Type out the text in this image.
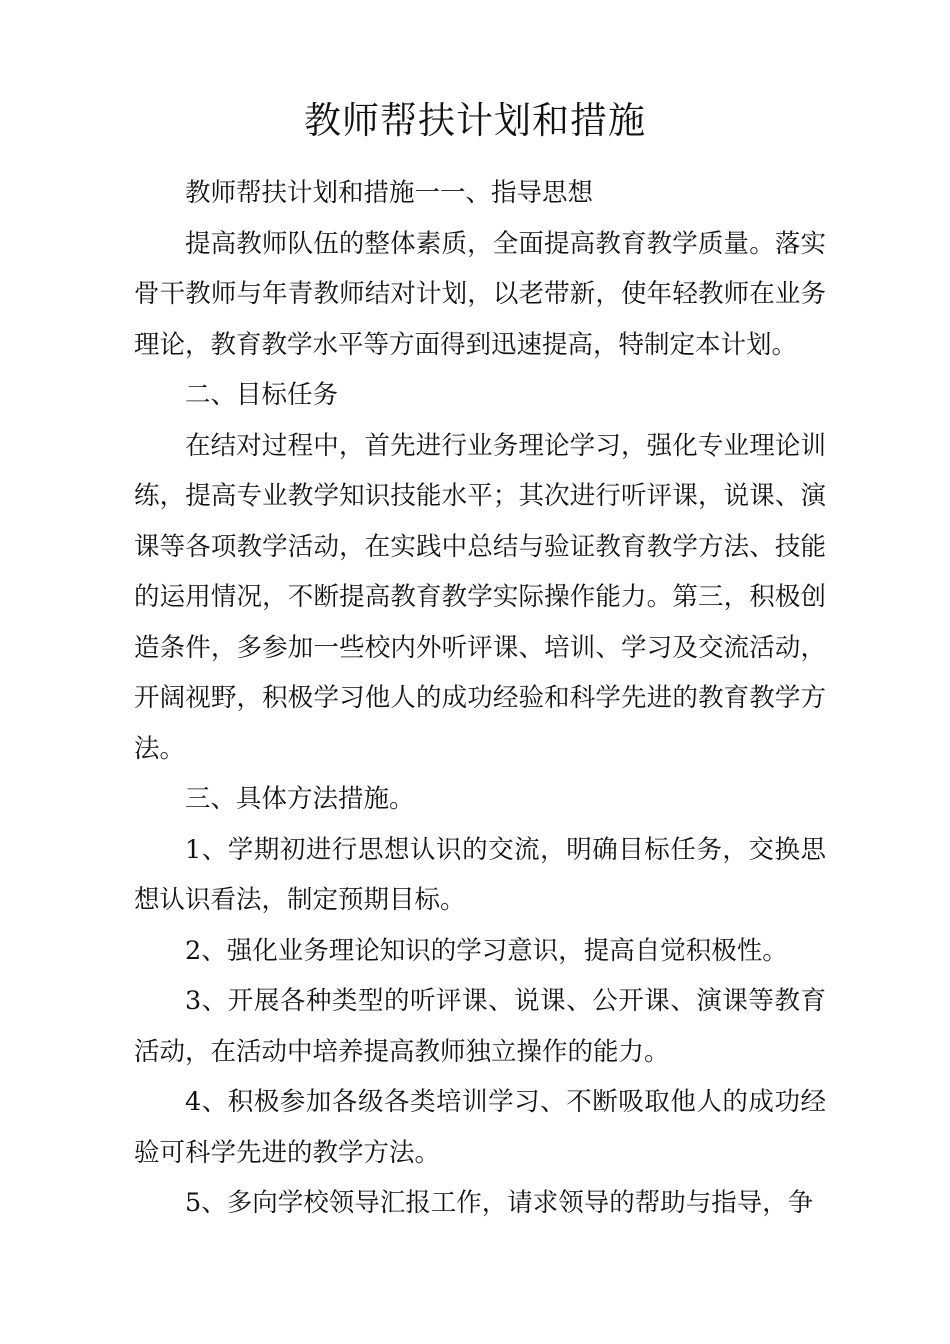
教师帮扶计划和措施

教师帮扶计划和措施一一、指导思想

提高教师队伍的整体素质，全面提高教育教学质量。落实骨干教师与年青教师结对计划，以老带新，使年轻教师在业务理论，教育教学水平等方面得到迅速提高，特制定本计划。

二、目标任务

在结对过程中，首先进行业务理论学习，强化专业理论训练，提高专业教学知识技能水平；其次进行听评课，说课、演课等各项教学活动，在实践中总结与验证教育教学方法、技能的运用情况，不断提高教育教学实际操作能力。第三，积极创造条件，多参加一些校内外听评课、培训、学习及交流活动，开阔视野，积极学习他人的成功经验和科学先进的教育教学方法。

三、具体方法措施。

1、学期初进行思想认识的交流，明确目标任务，交换思想认识看法，制定预期目标。

2、强化业务理论知识的学习意识，提高自觉积极性。

3、开展各种类型的听评课、说课、公开课、演课等教育活动，在活动中培养提高教师独立操作的能力。

4、积极参加各级各类培训学习、不断吸取他人的成功经验可科学先进的教学方法。

5、多向学校领导汇报工作，请求领导的帮助与指导，争
